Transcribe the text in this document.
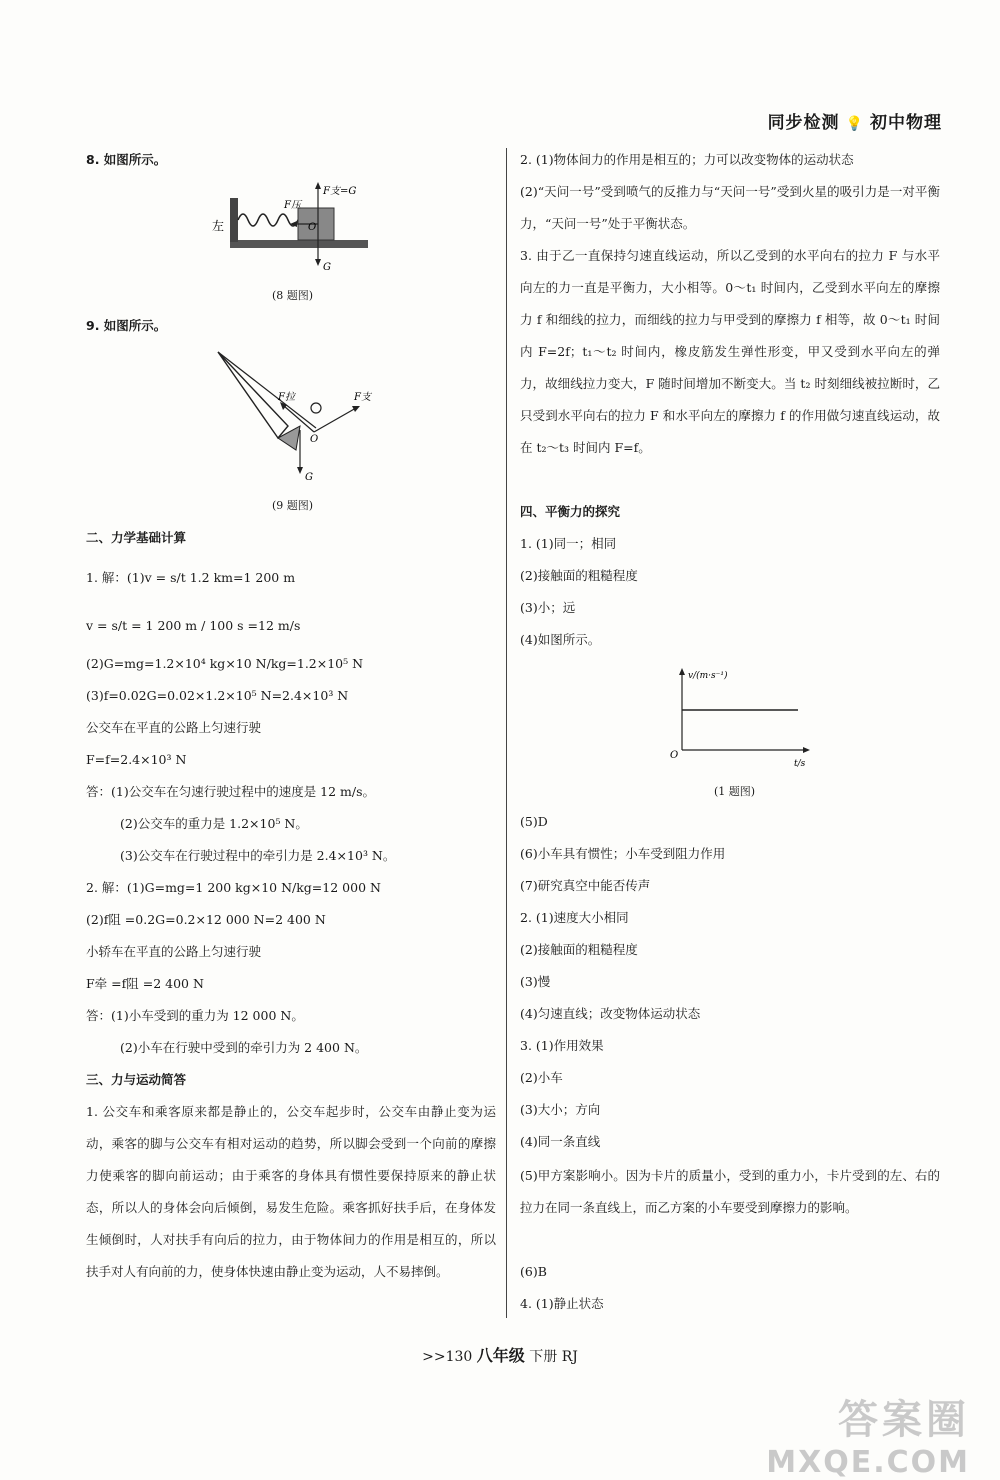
同步检测 💡 初中物理
8. 如图所示。
左
F压
F支=G
O
G
(8 题图)
9. 如图所示。
F拉	F支
O
G
(9 题图)
二、力学基础计算
1. 解：(1)v = s/t 1.2 km=1 200 m
v = s/t = 1 200 m / 100 s =12 m/s
(2)G=mg=1.2×10⁴ kg×10 N/kg=1.2×10⁵ N
(3)f=0.02G=0.02×1.2×10⁵ N=2.4×10³ N
公交车在平直的公路上匀速行驶
F=f=2.4×10³ N
答：(1)公交车在匀速行驶过程中的速度是 12 m/s。
(2)公交车的重力是 1.2×10⁵ N。
(3)公交车在行驶过程中的牵引力是 2.4×10³ N。
2. 解：(1)G=mg=1 200 kg×10 N/kg=12 000 N
(2)f阻 =0.2G=0.2×12 000 N=2 400 N
小轿车在平直的公路上匀速行驶
F牵 =f阻 =2 400 N
答：(1)小车受到的重力为 12 000 N。
(2)小车在行驶中受到的牵引力为 2 400 N。
三、力与运动简答
1. 公交车和乘客原来都是静止的，公交车起步时，公交车由静止变为运动，乘客的脚与公交车有相对运动的趋势，所以脚会受到一个向前的摩擦力使乘客的脚向前运动；由于乘客的身体具有惯性要保持原来的静止状态，所以人的身体会向后倾倒，易发生危险。乘客抓好扶手后，在身体发生倾倒时，人对扶手有向后的拉力，由于物体间力的作用是相互的，所以扶手对人有向前的力，使身体快速由静止变为运动，人不易摔倒。
2. (1)物体间力的作用是相互的；力可以改变物体的运动状态
(2)“天问一号”受到喷气的反推力与“天问一号”受到火星的吸引力是一对平衡力，“天问一号”处于平衡状态。
3. 由于乙一直保持匀速直线运动，所以乙受到的水平向右的拉力 F 与水平向左的力一直是平衡力，大小相等。0～t₁ 时间内，乙受到水平向左的摩擦力 f 和细线的拉力，而细线的拉力与甲受到的摩擦力 f 相等，故 0～t₁ 时间内 F=2f；t₁～t₂ 时间内，橡皮筋发生弹性形变，甲又受到水平向左的弹力，故细线拉力变大，F 随时间增加不断变大。当 t₂ 时刻细线被拉断时，乙只受到水平向右的拉力 F 和水平向左的摩擦力 f 的作用做匀速直线运动，故在 t₂～t₃ 时间内 F=f。
四、平衡力的探究
1. (1)同一；相同
(2)接触面的粗糙程度
(3)小；远
(4)如图所示。
v/(m·s⁻¹)
O
t/s
(1 题图)
(5)D
(6)小车具有惯性；小车受到阻力作用
(7)研究真空中能否传声
2. (1)速度大小相同
(2)接触面的粗糙程度
(3)慢
(4)匀速直线；改变物体运动状态
3. (1)作用效果
(2)小车
(3)大小；方向
(4)同一条直线
(5)甲方案影响小。因为卡片的质量小，受到的重力小，卡片受到的左、右的拉力在同一条直线上，而乙方案的小车要受到摩擦力的影响。
(6)B
4. (1)静止状态
>>130 八年级 下册 RJ
答案圈
MXQE.COM
